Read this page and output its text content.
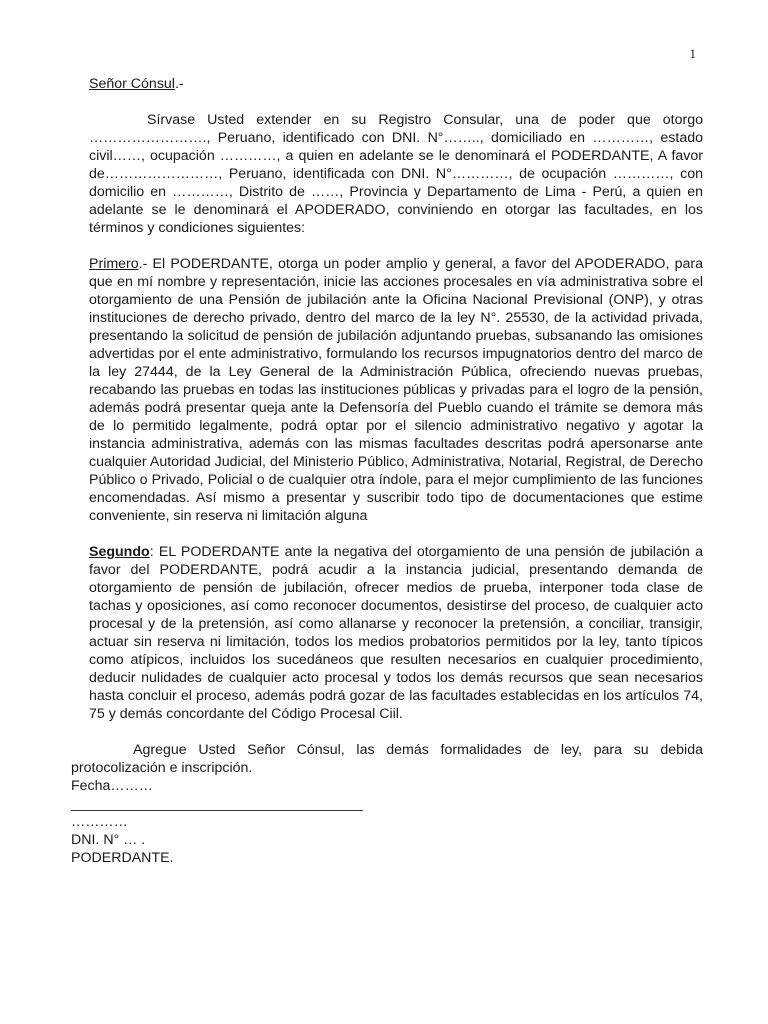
1
Señor Cónsul.-

Sírvase Usted extender en su Registro Consular, una de poder que otorgo ……………………., Peruano, identificado con DNI. N°…….., domiciliado en …………, estado civil……, ocupación …………, a quien en adelante se le denominará el PODERDANTE, A favor de……………………, Peruano, identificada con DNI. N°…………, de ocupación …………, con domicilio en …………, Distrito de ……, Provincia y Departamento de Lima - Perú, a quien en adelante se le denominará el APODERADO, conviniendo en otorgar las facultades, en los términos y condiciones siguientes:

Primero.- El PODERDANTE, otorga un poder amplio y general, a favor del APODERADO, para que en mí nombre y representación, inicie las acciones procesales en vía administrativa sobre el otorgamiento de una Pensión de jubilación ante la Oficina Nacional Previsional (ONP), y otras instituciones de derecho privado, dentro del marco de la ley N°. 25530, de la actividad privada, presentando la solicitud de pensión de jubilación adjuntando pruebas, subsanando las omisiones advertidas por el ente administrativo, formulando los recursos impugnatorios dentro del marco de la ley 27444, de la Ley General de la Administración Pública, ofreciendo nuevas pruebas, recabando las pruebas en todas las instituciones públicas y privadas para el logro de la pensión, además podrá presentar queja ante la Defensoría del Pueblo cuando el trámite se demora más de lo permitido legalmente, podrá optar por el silencio administrativo negativo y agotar la instancia administrativa, además con las mismas facultades descritas podrá apersonarse ante cualquier Autoridad Judicial, del Ministerio Público, Administrativa, Notarial, Registral, de Derecho Público o Privado, Policial o de cualquier otra índole, para el mejor cumplimiento de las funciones encomendadas. Así mismo a presentar y suscribir todo tipo de documentaciones que estime conveniente, sin reserva ni limitación alguna

Segundo: EL PODERDANTE ante la negativa del otorgamiento de una pensión de jubilación a favor del PODERDANTE, podrá acudir a la instancia judicial, presentando demanda de otorgamiento de pensión de jubilación, ofrecer medios de prueba, interponer toda clase de tachas y oposiciones, así como reconocer documentos, desistirse del proceso, de cualquier acto procesal y de la pretensión, así como allanarse y reconocer la pretensión, a conciliar, transigir, actuar sin reserva ni limitación, todos los medios probatorios permitidos por la ley, tanto típicos como atípicos, incluidos los sucedáneos que resulten necesarios en cualquier procedimiento, deducir nulidades de cualquier acto procesal y todos los demás recursos que sean necesarios hasta concluir el proceso, además podrá gozar de las facultades establecidas en los artículos 74, 75 y demás concordante del Código Procesal Ciil.

Agregue Usted Señor Cónsul, las demás formalidades de ley, para su debida protocolización e inscripción.

Fecha………

_____________________________________

…………

DNI. N° … .

PODERDANTE.
